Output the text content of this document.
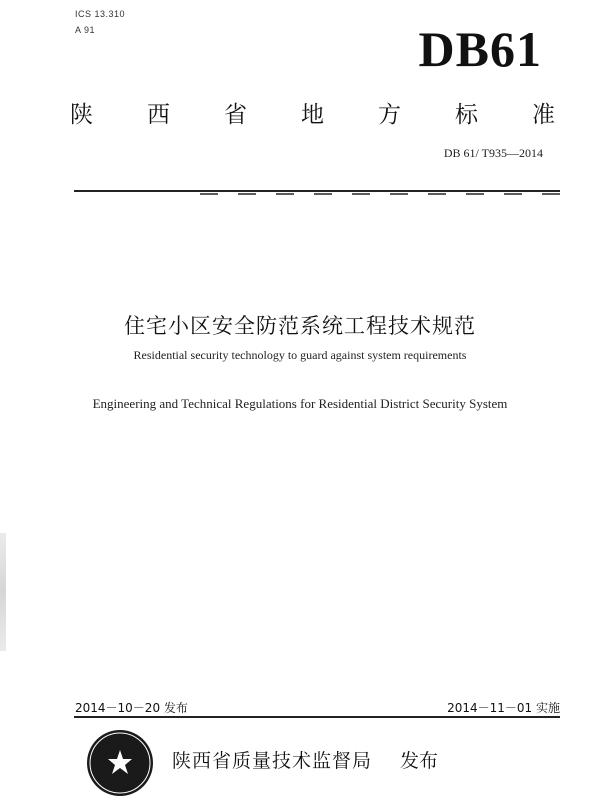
ICS 13.310
A 91	DB61
陕 西 省 地 方 标 准
DB 61/ T935—2014
住宅小区安全防范系统工程技术规范
Residential security technology to guard against system requirements
Engineering and Technical Regulations for Residential District Security System
2014－10－20 发布	2014－11－01 实施
陕西省质量技术监督局 发布
